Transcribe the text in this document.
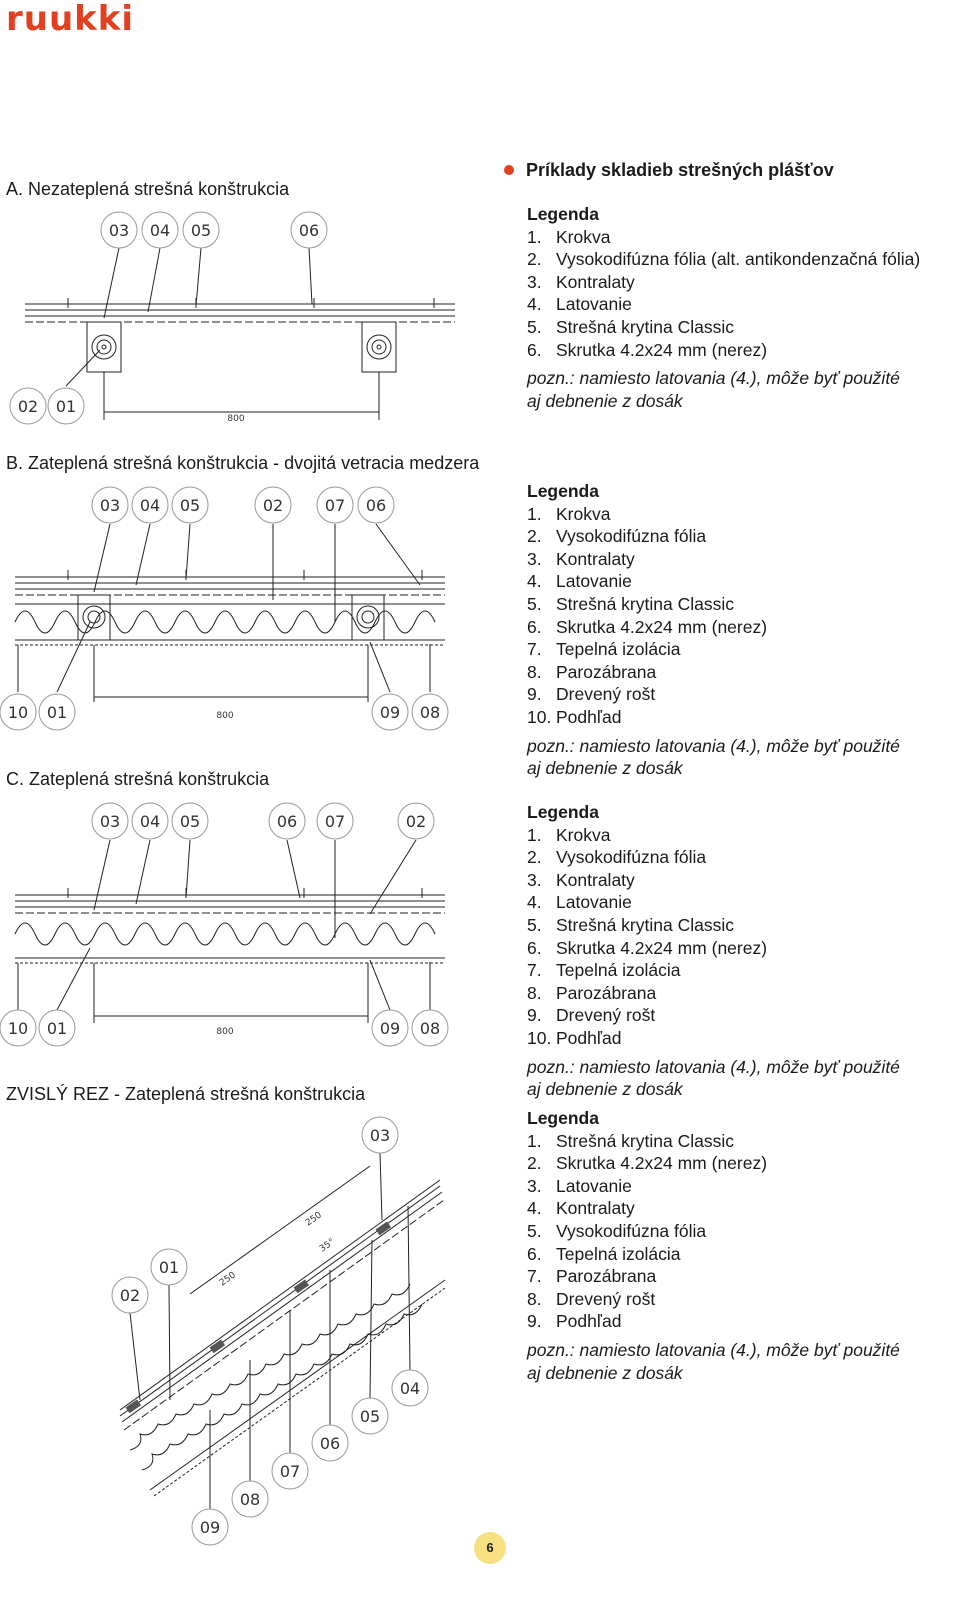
ruukki
Príklady skladieb strešných plášťov
A. Nezateplená strešná konštrukcia
B. Zateplená strešná konštrukcia - dvojitá vetracia medzera
C. Zateplená strešná konštrukcia
ZVISLÝ REZ - Zateplená strešná konštrukcia
Legenda
1. Krokva
2. Vysokodifúzna fólia (alt. antikondenzačná fólia)
3. Kontralaty
4. Latovanie
5. Strešná krytina Classic
6. Skrutka 4.2x24 mm (nerez)
pozn.: namiesto latovania (4.), môže byť použité
aj debnenie z dosák
Legenda
1. Krokva
2. Vysokodifúzna fólia
3. Kontralaty
4. Latovanie
5. Strešná krytina Classic
6. Skrutka 4.2x24 mm (nerez)
7. Tepelná izolácia
8. Parozábrana
9. Drevený rošt
10. Podhľad
pozn.: namiesto latovania (4.), môže byť použité
aj debnenie z dosák
Legenda
1. Krokva
2. Vysokodifúzna fólia
3. Kontralaty
4. Latovanie
5. Strešná krytina Classic
6. Skrutka 4.2x24 mm (nerez)
7. Tepelná izolácia
8. Parozábrana
9. Drevený rošt
10. Podhľad
pozn.: namiesto latovania (4.), môže byť použité
aj debnenie z dosák
Legenda
1. Strešná krytina Classic
2. Skrutka 4.2x24 mm (nerez)
3. Latovanie
4. Kontralaty
5. Vysokodifúzna fólia
6. Tepelná izolácia
7. Parozábrana
8. Drevený rošt
9. Podhľad
pozn.: namiesto latovania (4.), môže byť použité
aj debnenie z dosák
03 04 05	06
02 01
800
03 04 05	02	07 06
10 01	09 08
800
03 04 05	06 07	02
10 01	09 08
800
03
02
01
04
05
06
07
08
09
250
250
35°
6
